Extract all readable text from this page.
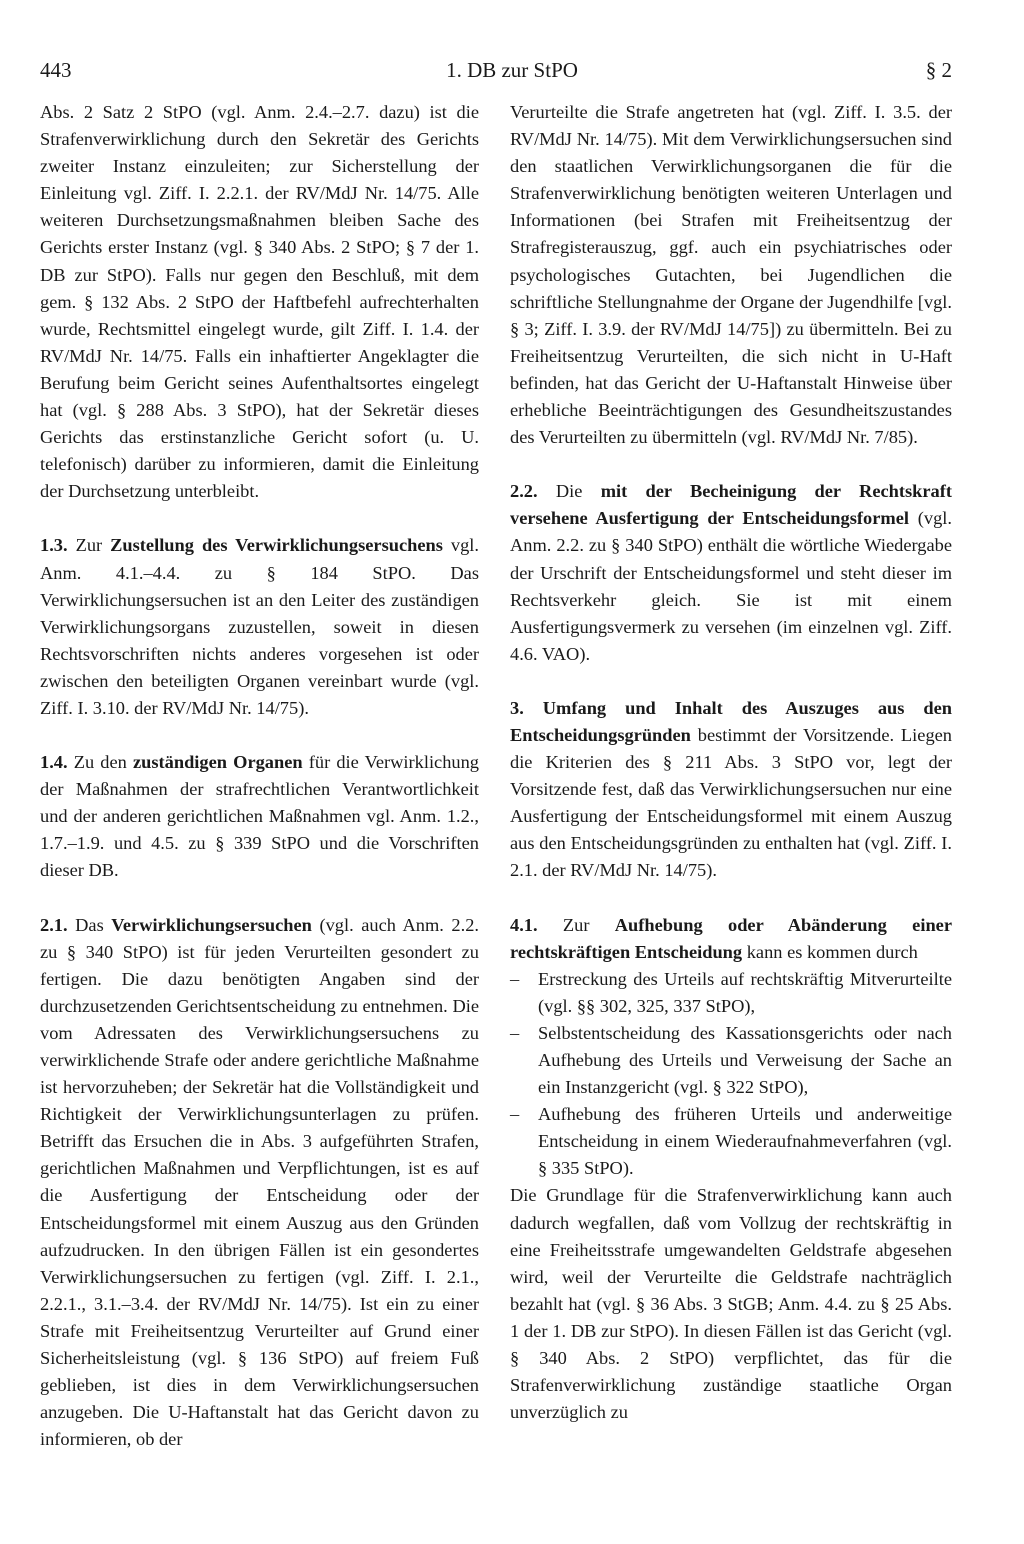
443	1. DB zur StPO	§ 2

Abs. 2 Satz 2 StPO (vgl. Anm. 2.4.–2.7. dazu) ist die Strafenverwirklichung durch den Sekretär des Gerichts zweiter Instanz einzuleiten; zur Sicherstellung der Einleitung vgl. Ziff. I. 2.2.1. der RV/MdJ Nr. 14/75. Alle weiteren Durchsetzungsmaßnahmen bleiben Sache des Gerichts erster Instanz (vgl. § 340 Abs. 2 StPO; § 7 der 1. DB zur StPO). Falls nur gegen den Beschluß, mit dem gem. § 132 Abs. 2 StPO der Haftbefehl aufrechterhalten wurde, Rechtsmittel eingelegt wurde, gilt Ziff. I. 1.4. der RV/MdJ Nr. 14/75. Falls ein inhaftierter Angeklagter die Berufung beim Gericht seines Aufenthaltsortes eingelegt hat (vgl. § 288 Abs. 3 StPO), hat der Sekretär dieses Gerichts das erstinstanzliche Gericht sofort (u. U. telefonisch) darüber zu informieren, damit die Einleitung der Durchsetzung unterbleibt.

1.3. Zur Zustellung des Verwirklichungsersuchens vgl. Anm. 4.1.–4.4. zu § 184 StPO. Das Verwirklichungsersuchen ist an den Leiter des zuständigen Verwirklichungsorgans zuzustellen, soweit in diesen Rechtsvorschriften nichts anderes vorgesehen ist oder zwischen den beteiligten Organen vereinbart wurde (vgl. Ziff. I. 3.10. der RV/MdJ Nr. 14/75).

1.4. Zu den zuständigen Organen für die Verwirklichung der Maßnahmen der strafrechtlichen Verantwortlichkeit und der anderen gerichtlichen Maßnahmen vgl. Anm. 1.2., 1.7.–1.9. und 4.5. zu § 339 StPO und die Vorschriften dieser DB.

2.1. Das Verwirklichungsersuchen (vgl. auch Anm. 2.2. zu § 340 StPO) ist für jeden Verurteilten gesondert zu fertigen. Die dazu benötigten Angaben sind der durchzusetzenden Gerichtsentscheidung zu entnehmen. Die vom Adressaten des Verwirklichungsersuchens zu verwirklichende Strafe oder andere gerichtliche Maßnahme ist hervorzuheben; der Sekretär hat die Vollständigkeit und Richtigkeit der Verwirklichungsunterlagen zu prüfen. Betrifft das Ersuchen die in Abs. 3 aufgeführten Strafen, gerichtlichen Maßnahmen und Verpflichtungen, ist es auf die Ausfertigung der Entscheidung oder der Entscheidungsformel mit einem Auszug aus den Gründen aufzudrucken. In den übrigen Fällen ist ein gesondertes Verwirklichungsersuchen zu fertigen (vgl. Ziff. I. 2.1., 2.2.1., 3.1.–3.4. der RV/MdJ Nr. 14/75). Ist ein zu einer Strafe mit Freiheitsentzug Verurteilter auf Grund einer Sicherheitsleistung (vgl. § 136 StPO) auf freiem Fuß geblieben, ist dies in dem Verwirklichungsersuchen anzugeben. Die U-Haftanstalt hat das Gericht davon zu informieren, ob der

Verurteilte die Strafe angetreten hat (vgl. Ziff. I. 3.5. der RV/MdJ Nr. 14/75). Mit dem Verwirklichungsersuchen sind den staatlichen Verwirklichungsorganen die für die Strafenverwirklichung benötigten weiteren Unterlagen und Informationen (bei Strafen mit Freiheitsentzug der Strafregisterauszug, ggf. auch ein psychiatrisches oder psychologisches Gutachten, bei Jugendlichen die schriftliche Stellungnahme der Organe der Jugendhilfe [vgl. § 3; Ziff. I. 3.9. der RV/MdJ 14/75]) zu übermitteln. Bei zu Freiheitsentzug Verurteilten, die sich nicht in U-Haft befinden, hat das Gericht der U-Haftanstalt Hinweise über erhebliche Beeinträchtigungen des Gesundheitszustandes des Verurteilten zu übermitteln (vgl. RV/MdJ Nr. 7/85).

2.2. Die mit der Becheinigung der Rechtskraft versehene Ausfertigung der Entscheidungsformel (vgl. Anm. 2.2. zu § 340 StPO) enthält die wörtliche Wiedergabe der Urschrift der Entscheidungsformel und steht dieser im Rechtsverkehr gleich. Sie ist mit einem Ausfertigungsvermerk zu versehen (im einzelnen vgl. Ziff. 4.6. VAO).

3. Umfang und Inhalt des Auszuges aus den Entscheidungsgründen bestimmt der Vorsitzende. Liegen die Kriterien des § 211 Abs. 3 StPO vor, legt der Vorsitzende fest, daß das Verwirklichungsersuchen nur eine Ausfertigung der Entscheidungsformel mit einem Auszug aus den Entscheidungsgründen zu enthalten hat (vgl. Ziff. I. 2.1. der RV/MdJ Nr. 14/75).

4.1. Zur Aufhebung oder Abänderung einer rechtskräftigen Entscheidung kann es kommen durch

– Erstreckung des Urteils auf rechtskräftig Mitverurteilte (vgl. §§ 302, 325, 337 StPO),
– Selbstentscheidung des Kassationsgerichts oder nach Aufhebung des Urteils und Verweisung der Sache an ein Instanzgericht (vgl. § 322 StPO),
– Aufhebung des früheren Urteils und anderweitige Entscheidung in einem Wiederaufnahmeverfahren (vgl. § 335 StPO).

Die Grundlage für die Strafenverwirklichung kann auch dadurch wegfallen, daß vom Vollzug der rechtskräftig in eine Freiheitsstrafe umgewandelten Geldstrafe abgesehen wird, weil der Verurteilte die Geldstrafe nachträglich bezahlt hat (vgl. § 36 Abs. 3 StGB; Anm. 4.4. zu § 25 Abs. 1 der 1. DB zur StPO). In diesen Fällen ist das Gericht (vgl. § 340 Abs. 2 StPO) verpflichtet, das für die Strafenverwirklichung zuständige staatliche Organ unverzüglich zu
